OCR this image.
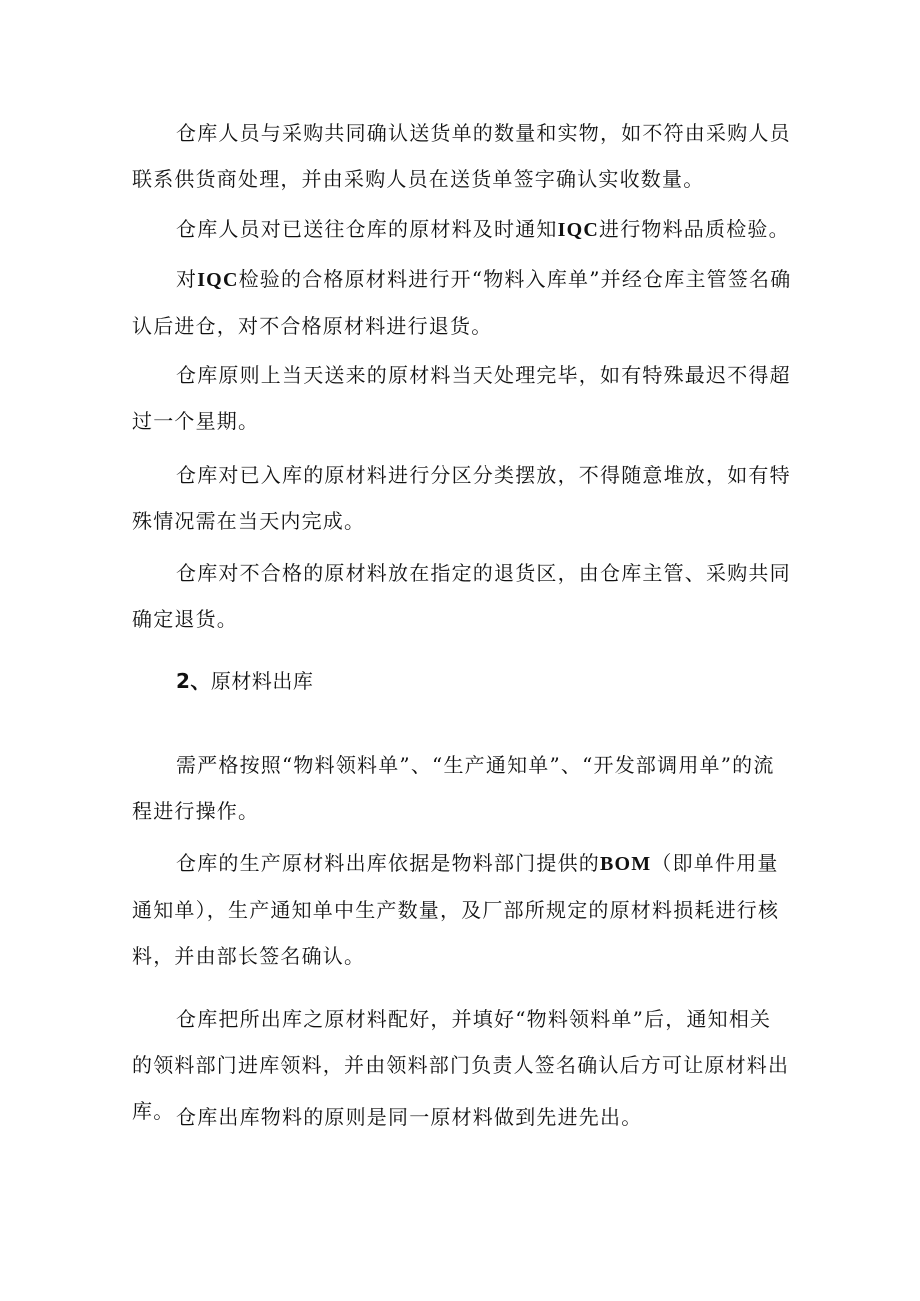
仓库人员与采购共同确认送货单的数量和实物，如不符由采购人员联系供货商处理，并由采购人员在送货单签字确认实收数量。

仓库人员对已送往仓库的原材料及时通知IQC进行物料品质检验。

对IQC检验的合格原材料进行开“物料入库单”并经仓库主管签名确认后进仓，对不合格原材料进行退货。

仓库原则上当天送来的原材料当天处理完毕，如有特殊最迟不得超过一个星期。

仓库对已入库的原材料进行分区分类摆放，不得随意堆放，如有特殊情况需在当天内完成。

仓库对不合格的原材料放在指定的退货区，由仓库主管、采购共同确定退货。

2、原材料出库

需严格按照“物料领料单”、“生产通知单”、“开发部调用单”的流程进行操作。

仓库的生产原材料出库依据是物料部门提供的BOM（即单件用量通知单），生产通知单中生产数量，及厂部所规定的原材料损耗进行核料，并由部长签名确认。

仓库把所出库之原材料配好，并填好“物料领料单”后，通知相关的领料部门进库领料，并由领料部门负责人签名确认后方可让原材料出库。 仓库出库物料的原则是同一原材料做到先进先出。
